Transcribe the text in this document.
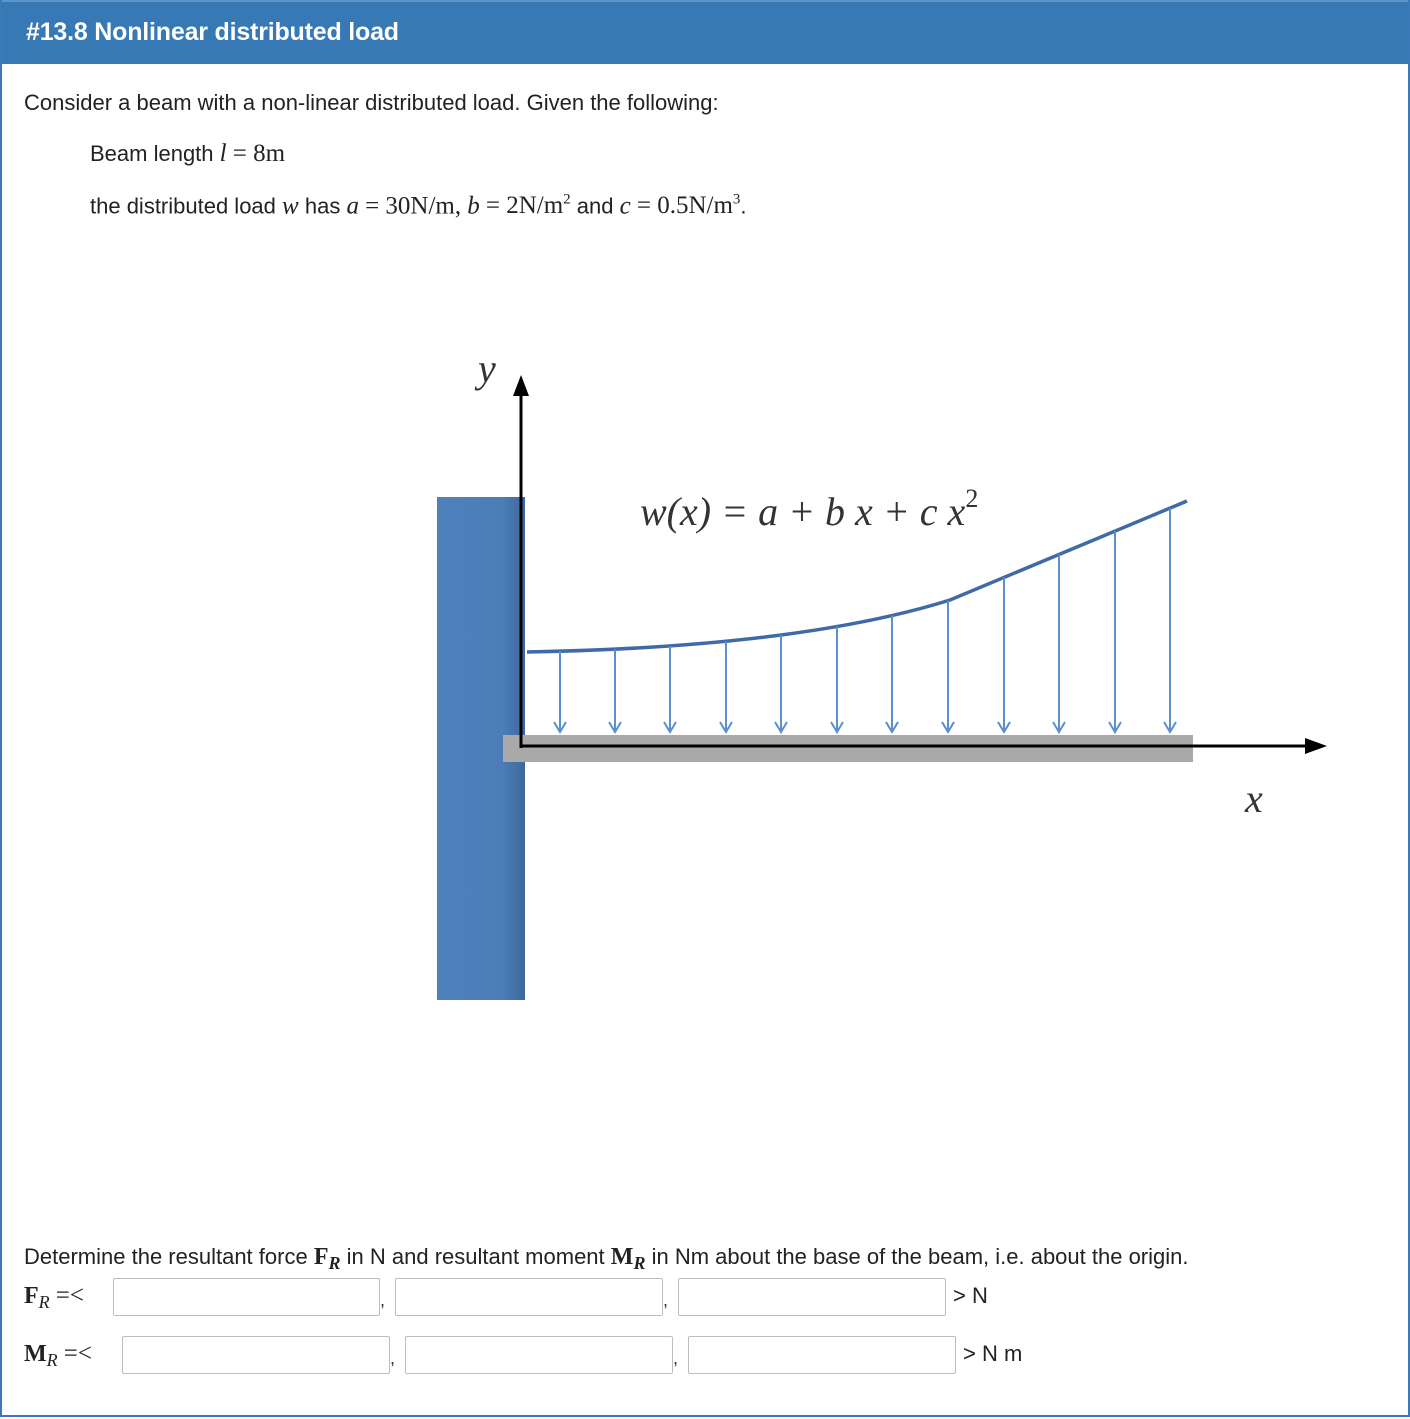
#13.8 Nonlinear distributed load
Consider a beam with a non-linear distributed load. Given the following:
Beam length l = 8m
the distributed load w has a = 30N/m, $b = 2N/m^2$ and $c = 0.5N/m^3$.
y
x
w(x) = a + b x + c $x^2$
Determine the resultant force $F_R$ in N and resultant moment $M_R$ in Nm about the base of the beam, i.e. about the origin.
$F_R$ =<	,	,	> N
$M_R$ =<	,	,	> N m
